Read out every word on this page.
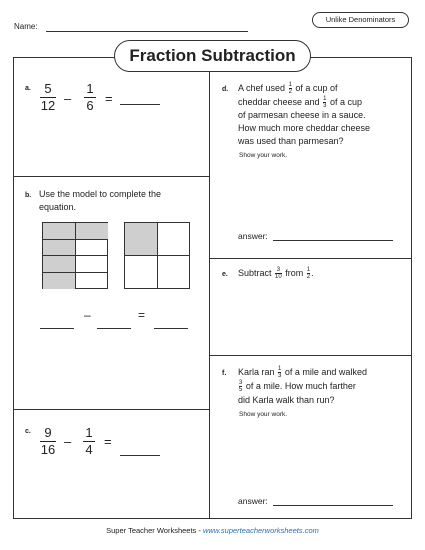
Name:
Unlike Denominators
Fraction Subtraction
a.	5
12 –
1
6 =
b. Use the model to complete the
equation.
–	=
c.	9
16
–
1
4
=
d. A chef used $\frac{1}{2}$ of a cup of
cheddar cheese and $\frac{1}{3}$ of a cup
of parmesan cheese in a sauce.
How much more cheddar cheese
was used than parmesan?
Show your work.
answer:
e. Subtract $\frac{3}{10}$ from $\frac{1}{2}$.
f. Karla ran $\frac{1}{3}$ of a mile and walked
$\frac{3}{5}$ of a mile. How much farther
did Karla walk than run?
Show your work.
answer:
Super Teacher Worksheets - www.superteacherworksheets.com
